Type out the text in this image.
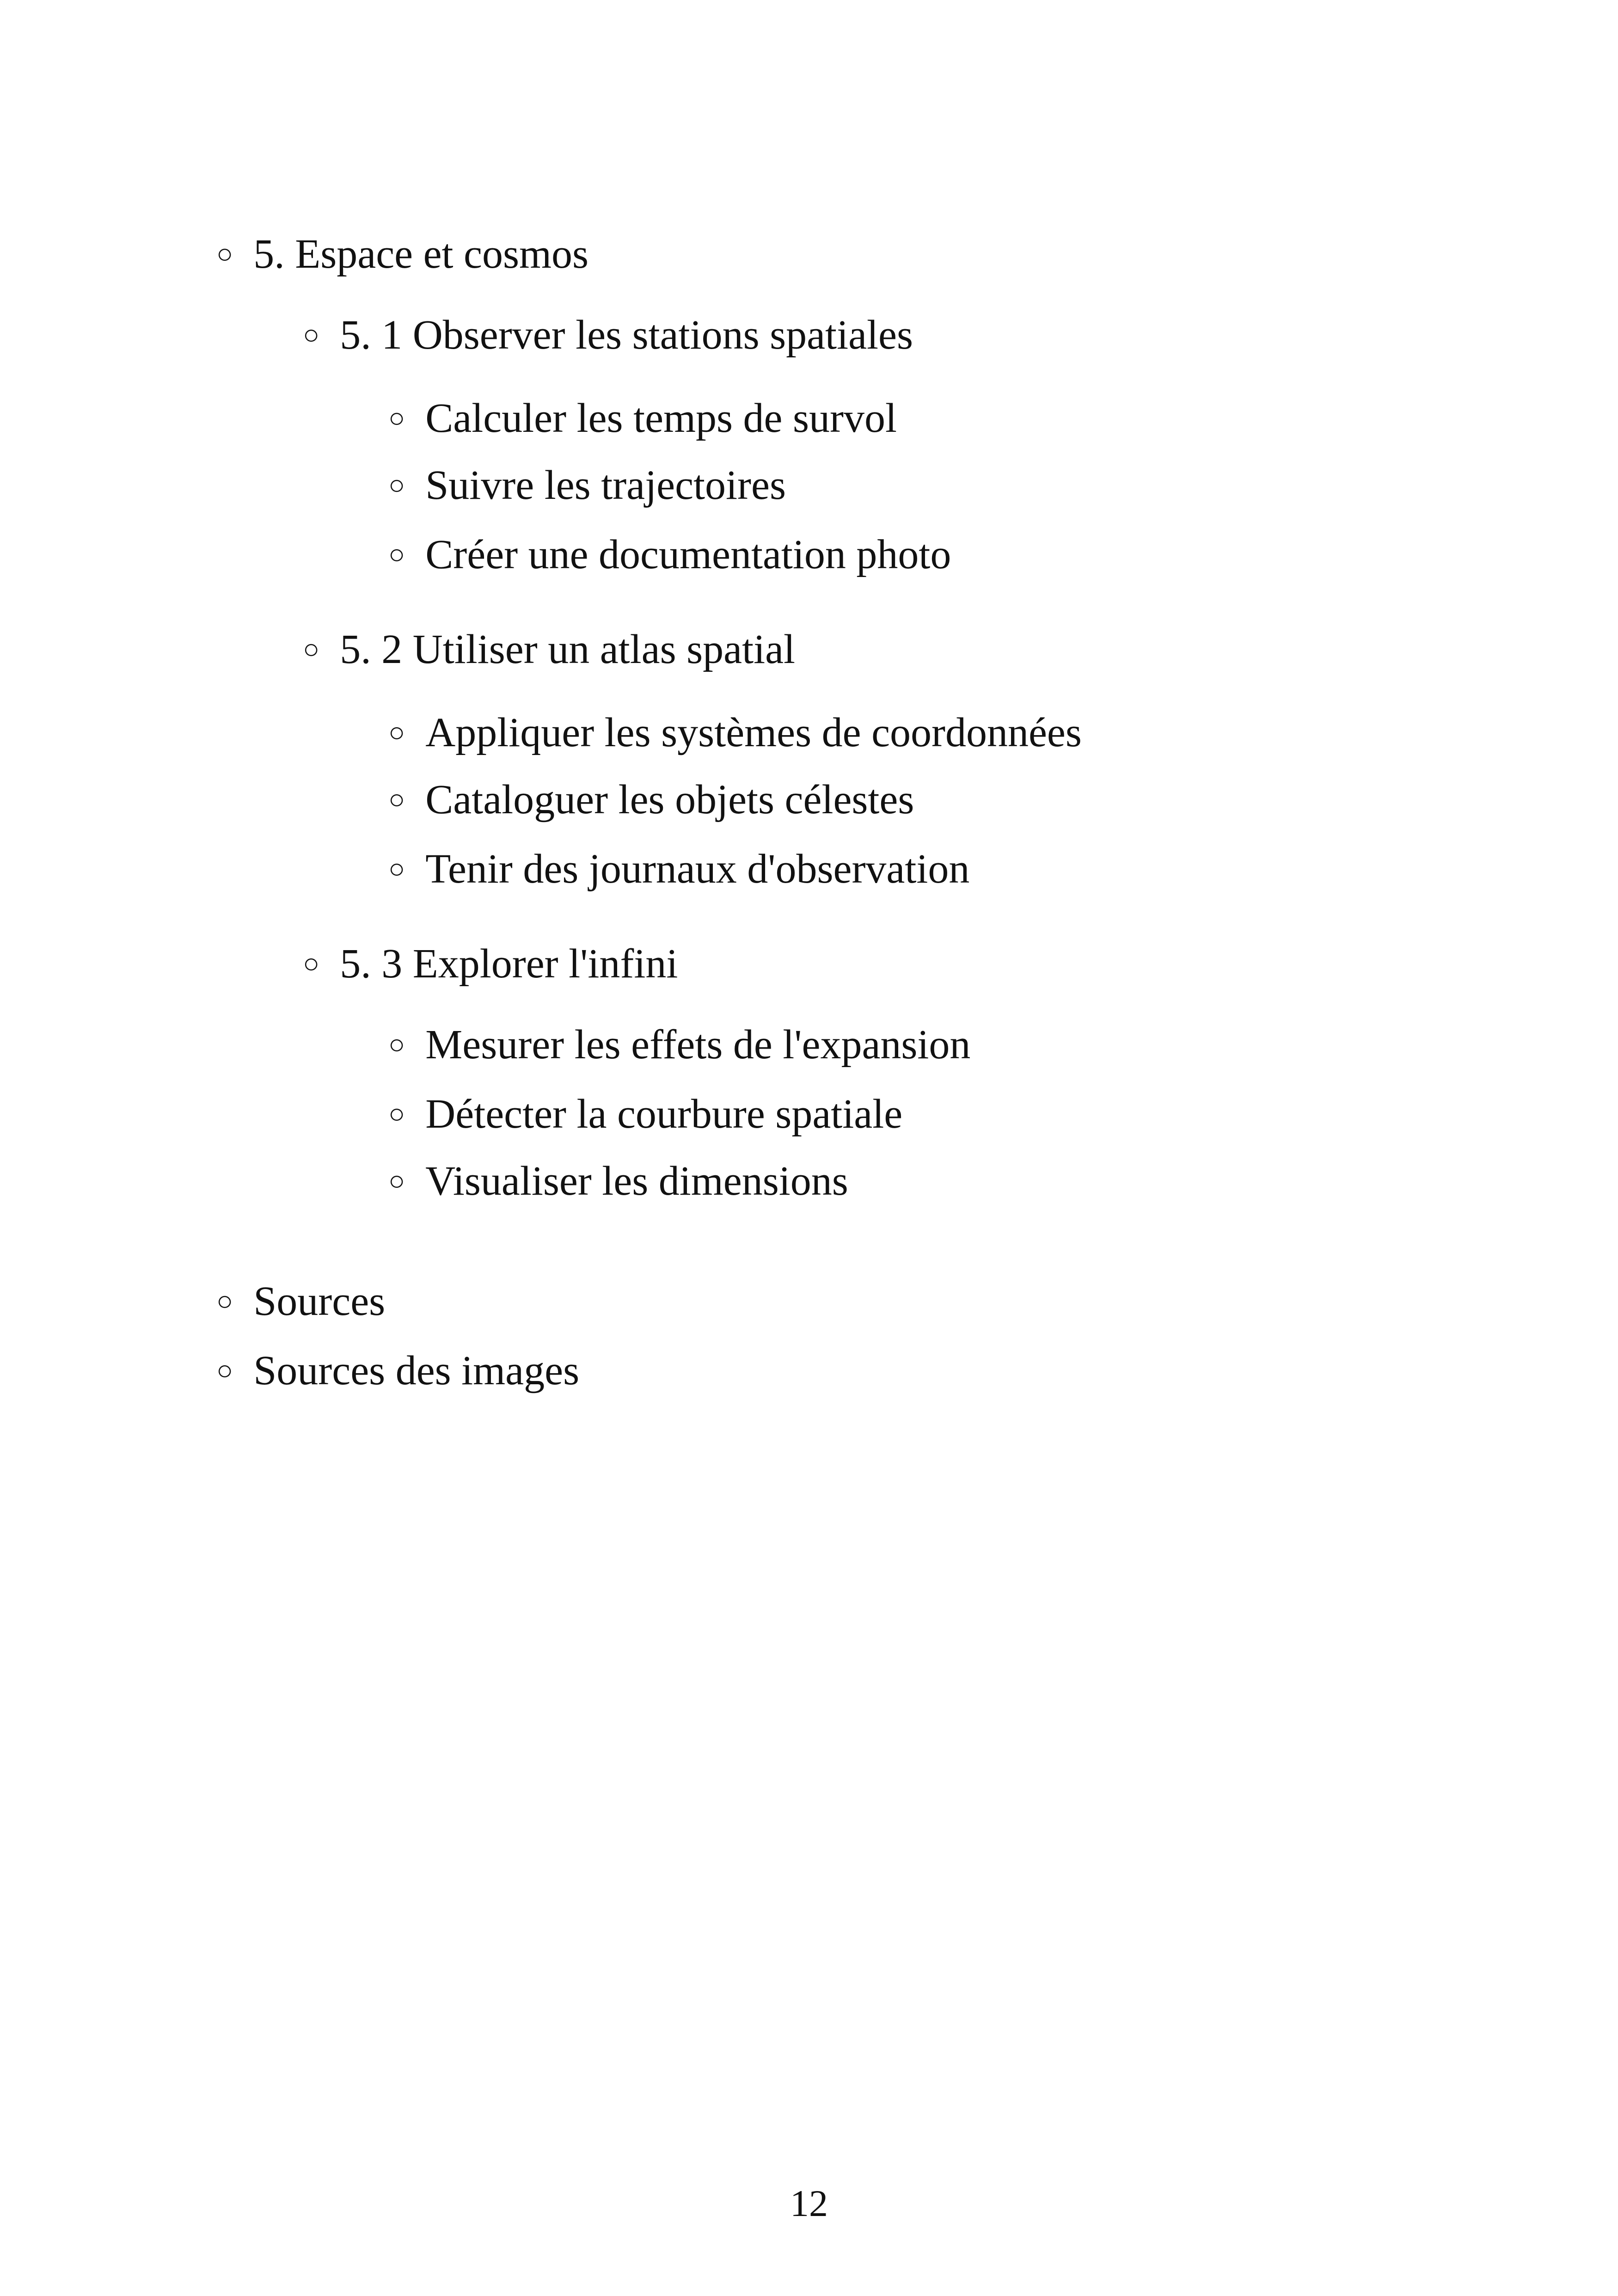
○ 5. Espace et cosmos
○ 5. 1 Observer les stations spatiales
○ Calculer les temps de survol
○ Suivre les trajectoires
○ Créer une documentation photo
○ 5. 2 Utiliser un atlas spatial
○ Appliquer les systèmes de coordonnées
○ Cataloguer les objets célestes
○ Tenir des journaux d'observation
○ 5. 3 Explorer l'infini
○ Mesurer les effets de l'expansion
○ Détecter la courbure spatiale
○ Visualiser les dimensions
○ Sources
○ Sources des images
12
